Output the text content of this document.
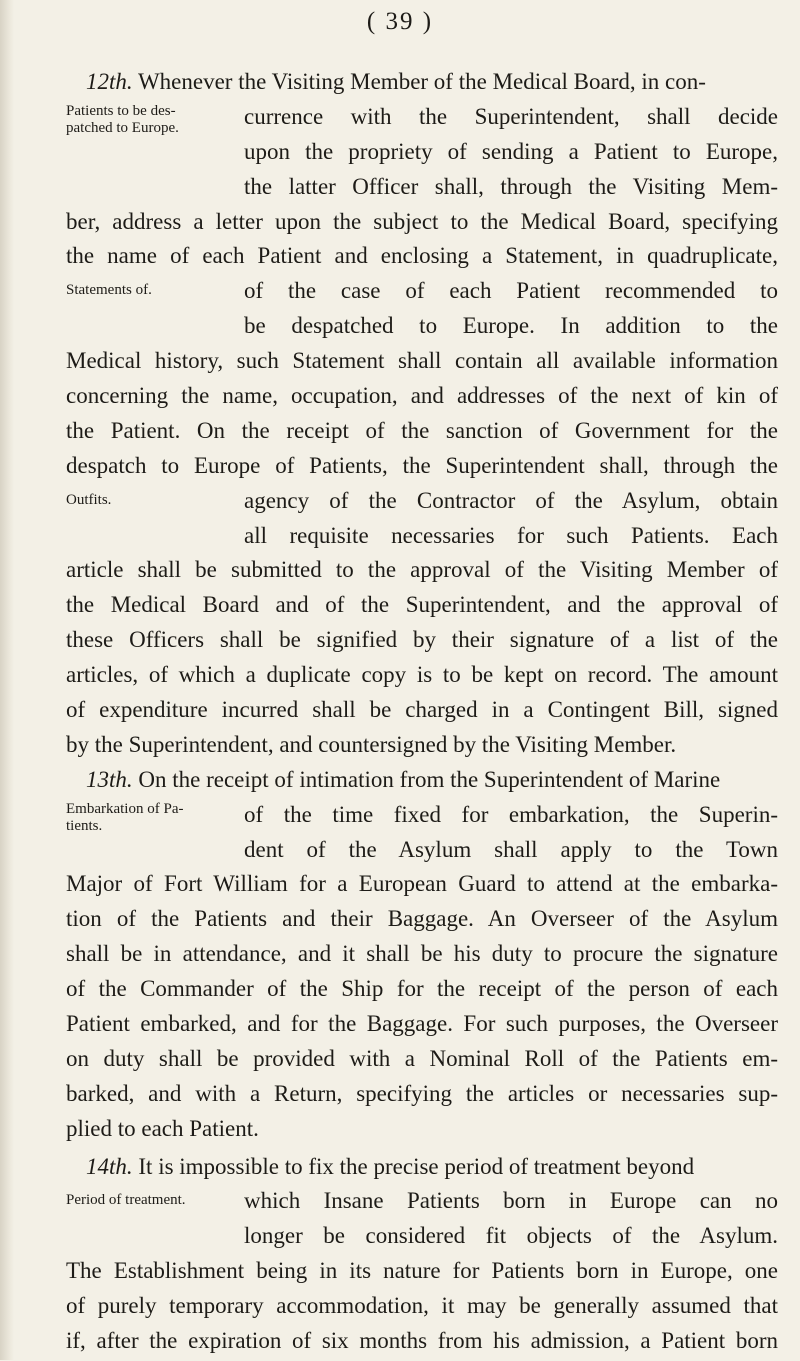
( 39 )
Patients to be des-
patched to Europe.
Statements of.
Outfits.
Embarkation of Pa-
tients.
Period of treatment.
12th. Whenever the Visiting Member of the Medical Board, in con-
currence with the Superintendent, shall decide
upon the propriety of sending a Patient to Europe,
the latter Officer shall, through the Visiting Mem-
ber, address a letter upon the subject to the Medical Board, specifying
the name of each Patient and enclosing a Statement, in quadruplicate,
of the case of each Patient recommended to
be despatched to Europe. In addition to the
Medical history, such Statement shall contain all available information
concerning the name, occupation, and addresses of the next of kin of
the Patient. On the receipt of the sanction of Government for the
despatch to Europe of Patients, the Superintendent shall, through the
agency of the Contractor of the Asylum, obtain
all requisite necessaries for such Patients. Each
article shall be submitted to the approval of the Visiting Member of
the Medical Board and of the Superintendent, and the approval of
these Officers shall be signified by their signature of a list of the
articles, of which a duplicate copy is to be kept on record. The amount
of expenditure incurred shall be charged in a Contingent Bill, signed
by the Superintendent, and countersigned by the Visiting Member.
13th. On the receipt of intimation from the Superintendent of Marine
of the time fixed for embarkation, the Superin-
dent of the Asylum shall apply to the Town
Major of Fort William for a European Guard to attend at the embarka-
tion of the Patients and their Baggage. An Overseer of the Asylum
shall be in attendance, and it shall be his duty to procure the signature
of the Commander of the Ship for the receipt of the person of each
Patient embarked, and for the Baggage. For such purposes, the Overseer
on duty shall be provided with a Nominal Roll of the Patients em-
barked, and with a Return, specifying the articles or necessaries sup-
plied to each Patient.
14th. It is impossible to fix the precise period of treatment beyond
which Insane Patients born in Europe can no
longer be considered fit objects of the Asylum.
The Establishment being in its nature for Patients born in Europe, one
of purely temporary accommodation, it may be generally assumed that
if, after the expiration of six months from his admission, a Patient born
